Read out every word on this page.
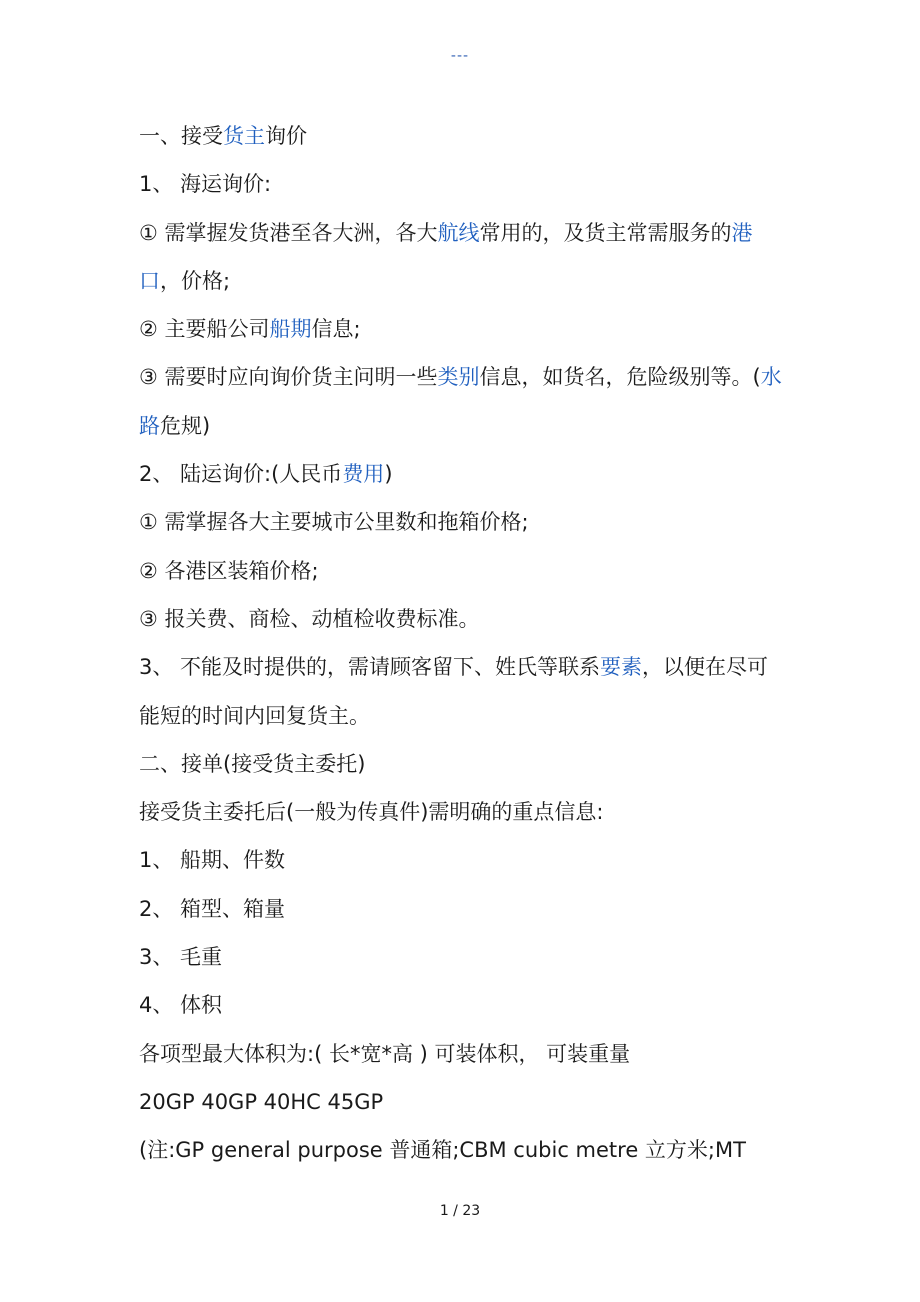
---
一、接受货主询价
1、 海运询价:
① 需掌握发货港至各大洲，各大航线常用的，及货主常需服务的港
口，价格;
② 主要船公司船期信息;
③ 需要时应向询价货主问明一些类别信息，如货名，危险级别等。(水
路危规)
2、 陆运询价:(人民币费用)
① 需掌握各大主要城市公里数和拖箱价格;
② 各港区装箱价格;
③ 报关费、商检、动植检收费标准。
3、 不能及时提供的，需请顾客留下、姓氏等联系要素，以便在尽可
能短的时间内回复货主。
二、接单(接受货主委托)
接受货主委托后(一般为传真件)需明确的重点信息:
1、 船期、件数
2、 箱型、箱量
3、 毛重
4、 体积
各项型最大体积为:( 长*宽*高 ) 可装体积， 可装重量
20GP 40GP 40HC 45GP
(注:GP general purpose 普通箱;CBM cubic metre 立方米;MT
1 / 23
